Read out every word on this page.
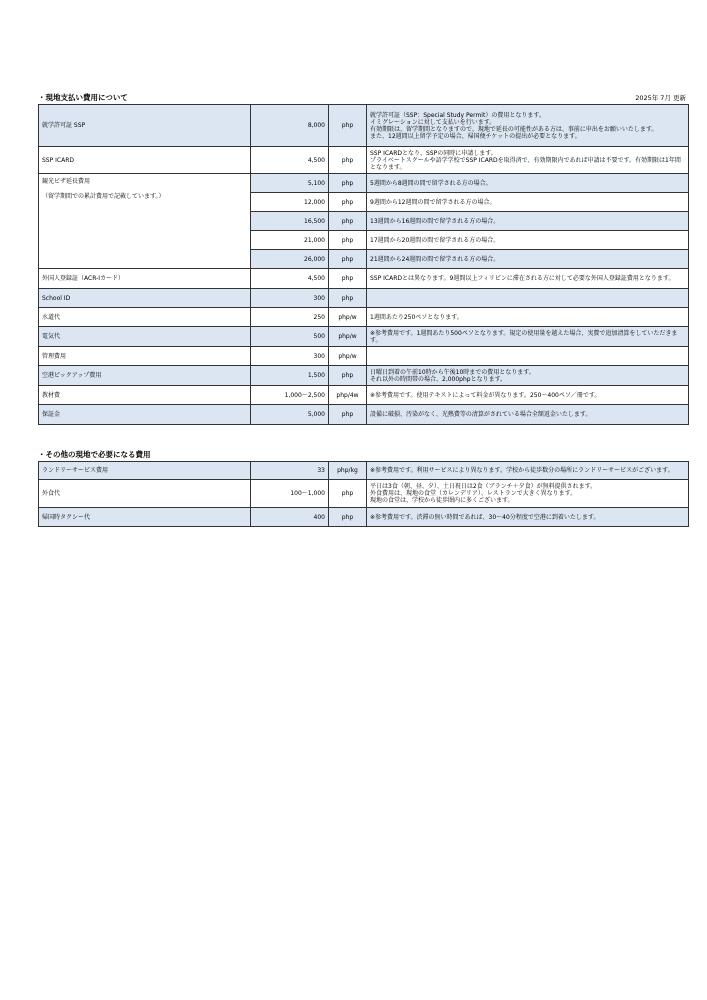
・現地支払い費用について	2025年 7月 更新
就学許可証 SSP	8,000	php	就学許可証（SSP：Special Study Permit）の費用となります。
イミグレーションに対して支払いを行います。
有効期限は、留学期間となりますので、現地で延長の可能性がある方は、事前に申出をお願いいたします。
また、12週間以上留学予定の場合、帰国便チケットの提出が必要となります。

SSP ICARD	4,500	php	SSP ICARDとなり、SSPの同時に申請します。
プライベートスクールや語学学校でSSP ICARDを取得済で、有効期限内であれば申請は不要です。有効期限は1年間となります。

観光ビザ延長費用
（留学期間での累計費用で記載しています。）	5,100	php	5週間から8週間の間で留学される方の場合。
	12,000	php	9週間から12週間の間で留学される方の場合。
	16,500	php	13週間から16週間の間で留学される方の場合。
	21,000	php	17週間から20週間の間で留学される方の場合。
	26,000	php	21週間から24週間の間で留学される方の場合。
外国人登録証（ACR-Iカード）	4,500	php	SSP ICARDとは異なります。9週間以上フィリピンに滞在される方に対して必要な外国人登録証費用となります。
School ID	300	php	
水道代	250	php/w	1週間あたり250ペソとなります。
電気代	500	php/w	※参考費用です。1週間あたり500ペソとなります。規定の使用量を越えた場合、実費で追加清算をしていただきます。
管理費用	300	php/w	
空港ピックアップ費用	1,500	php	日曜日到着の午前10時から午後10時までの費用となります。
それ以外の時間帯の場合、2,000phpとなります。

教材費	1,000～2,500	php/4w	※参考費用です。使用テキストによって料金が異なります。250～400ペソ／冊です。
保証金	5,000	php	設備に破損、汚染がなく、光熱費等の清算がされている場合全額返金いたします。
・その他の現地で必要になる費用
ランドリーサービス費用	33	php/kg	※参考費用です。利用サービスにより異なります。学校から徒歩数分の場所にランドリーサービスがございます。
外食代	100～1,000	php	平日は3食（朝、昼、夕）、土日祝日は2食（ブランチ＋夕食）が無料提供されます。
外食費用は、現地の食堂（カレンデリア）、レストランで大きく異なります。
現地の食堂は、学校から徒歩圏内に多くございます。

帰国時タクシー代	400	php	※参考費用です。渋滞の無い時間であれば、30～40分程度で空港に到着いたします。
